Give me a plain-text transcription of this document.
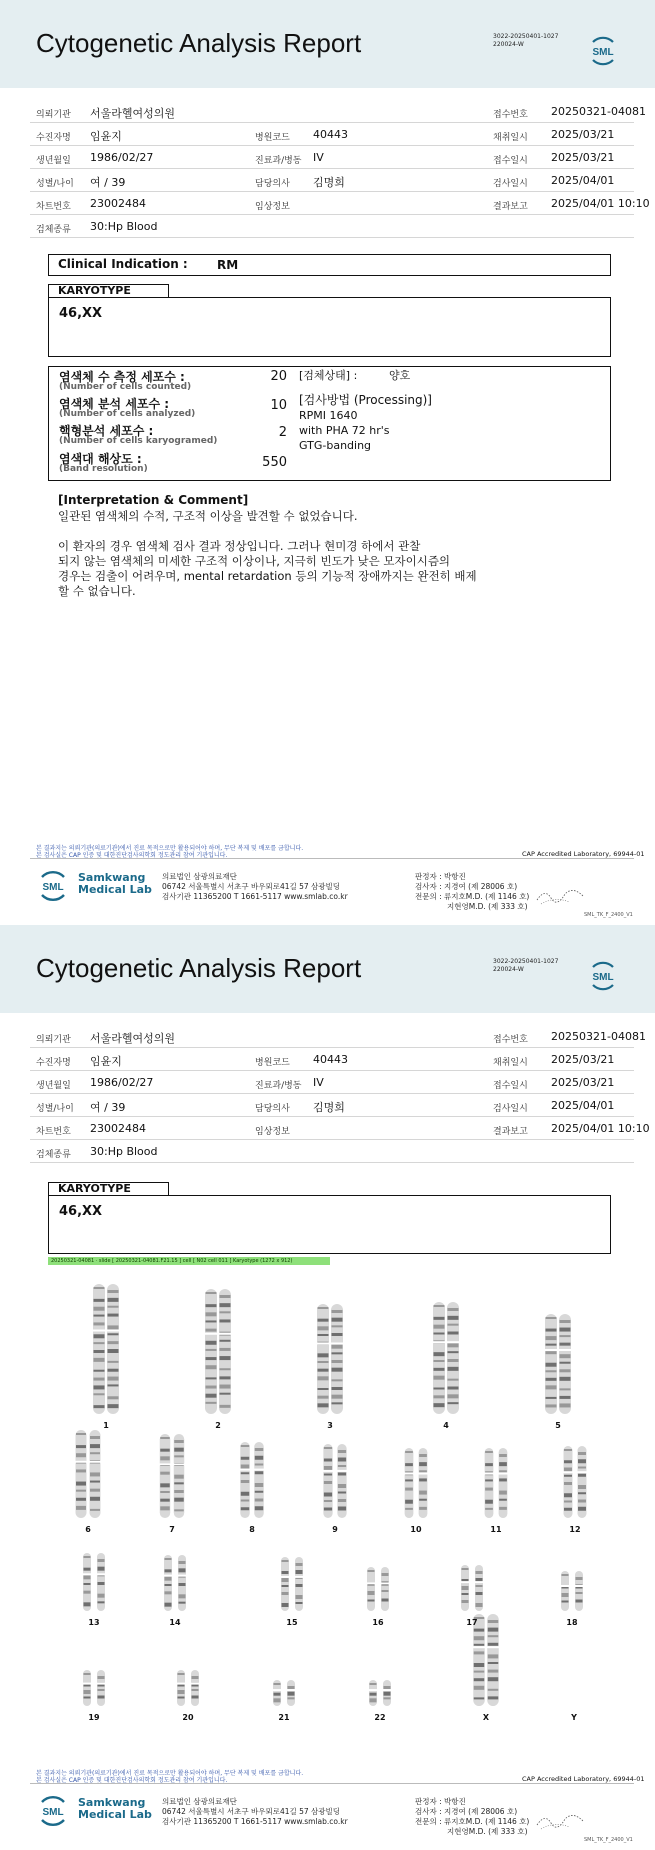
Cytogenetic Analysis Report	3022-20250401-1027
220024-W
SML
의뢰기관 서울라헬여성의원	접수번호 20250321-04081
수진자명 임윤지	병원코드 40443	채취일시 2025/03/21
생년월일 1986/02/27	진료과/병동 IV	접수일시 2025/03/21
성별/나이 여 / 39	담당의사 김명희	검사일시 2025/04/01
차트번호 23002484	임상정보	결과보고 2025/04/01 10:10
검체종류 30:Hp Blood
Clinical Indication : RM
KARYOTYPE
46,XX
염색체 수 측정 세포수 :
(Number of cells counted)
20
염색체 분석 세포수 :
(Number of cells analyzed)
10
핵형분석 세포수 :
(Number of cells karyogramed)
2
염색대 해상도 :
(Band resolution)	550
[검체상태] :	양호
[검사방법 (Processing)]
RPMI 1640
with PHA 72 hr's
GTG-banding
[Interpretation & Comment]
일관된 염색체의 수적, 구조적 이상을 발견할 수 없었습니다.
이 환자의 경우 염색체 검사 결과 정상입니다. 그러나 현미경 하에서 관찰
되지 않는 염색체의 미세한 구조적 이상이나, 지극히 빈도가 낮은 모자이시즘의
경우는 검출이 어려우며, mental retardation 등의 기능적 장애까지는 완전히 배제
할 수 없습니다.
본 결과지는 의뢰기관(의료기관)에서 진료 목적으로만 활용되어야 하며, 무단 복제 및 배포를 금합니다.
본 검사실은 CAP 인증 및 대한진단검사의학회 정도관리 참여 기관입니다.	CAP Accredited Laboratory, 69944-01
SML
Samkwang
Medical Lab
의료법인 삼광의료재단
06742 서울특별시 서초구 바우뫼로41길 57 삼광빌딩
검사기관 11365200 T 1661-5117 www.smlab.co.kr
판정자 : 박항진
검사자 : 지경여 (제 28006 호)
전문의 : 류지호M.D. (제 1146 호)
지현영M.D. (제 333 호)
SML_TK_F_2400_V1
Cytogenetic Analysis Report	3022-20250401-1027
220024-W
SML
의뢰기관 서울라헬여성의원	접수번호 20250321-04081
수진자명 임윤지	병원코드 40443	채취일시 2025/03/21
생년월일 1986/02/27	진료과/병동 IV	접수일시 2025/03/21
성별/나이 여 / 39	담당의사 김명희	검사일시 2025/04/01
차트번호 23002484	임상정보	결과보고 2025/04/01 10:10
검체종류 30:Hp Blood
KARYOTYPE
46,XX
20250321-04081 · slide [ 20250321-04081.F21.15 ] cell [ N02 cell 011 ] Karyotype (1272 x 912)
1	2	3	4	5
6	7	8	9	10	11	12
13	14	15	16	17	18
19	20	21	22	X	Y
본 결과지는 의뢰기관(의료기관)에서 진료 목적으로만 활용되어야 하며, 무단 복제 및 배포를 금합니다.
본 검사실은 CAP 인증 및 대한진단검사의학회 정도관리 참여 기관입니다.	CAP Accredited Laboratory, 69944-01
SML
Samkwang
Medical Lab
의료법인 삼광의료재단
06742 서울특별시 서초구 바우뫼로41길 57 삼광빌딩
검사기관 11365200 T 1661-5117 www.smlab.co.kr
판정자 : 박항진
검사자 : 지경여 (제 28006 호)
전문의 : 류지호M.D. (제 1146 호)
지현영M.D. (제 333 호)
SML_TK_F_2400_V1
